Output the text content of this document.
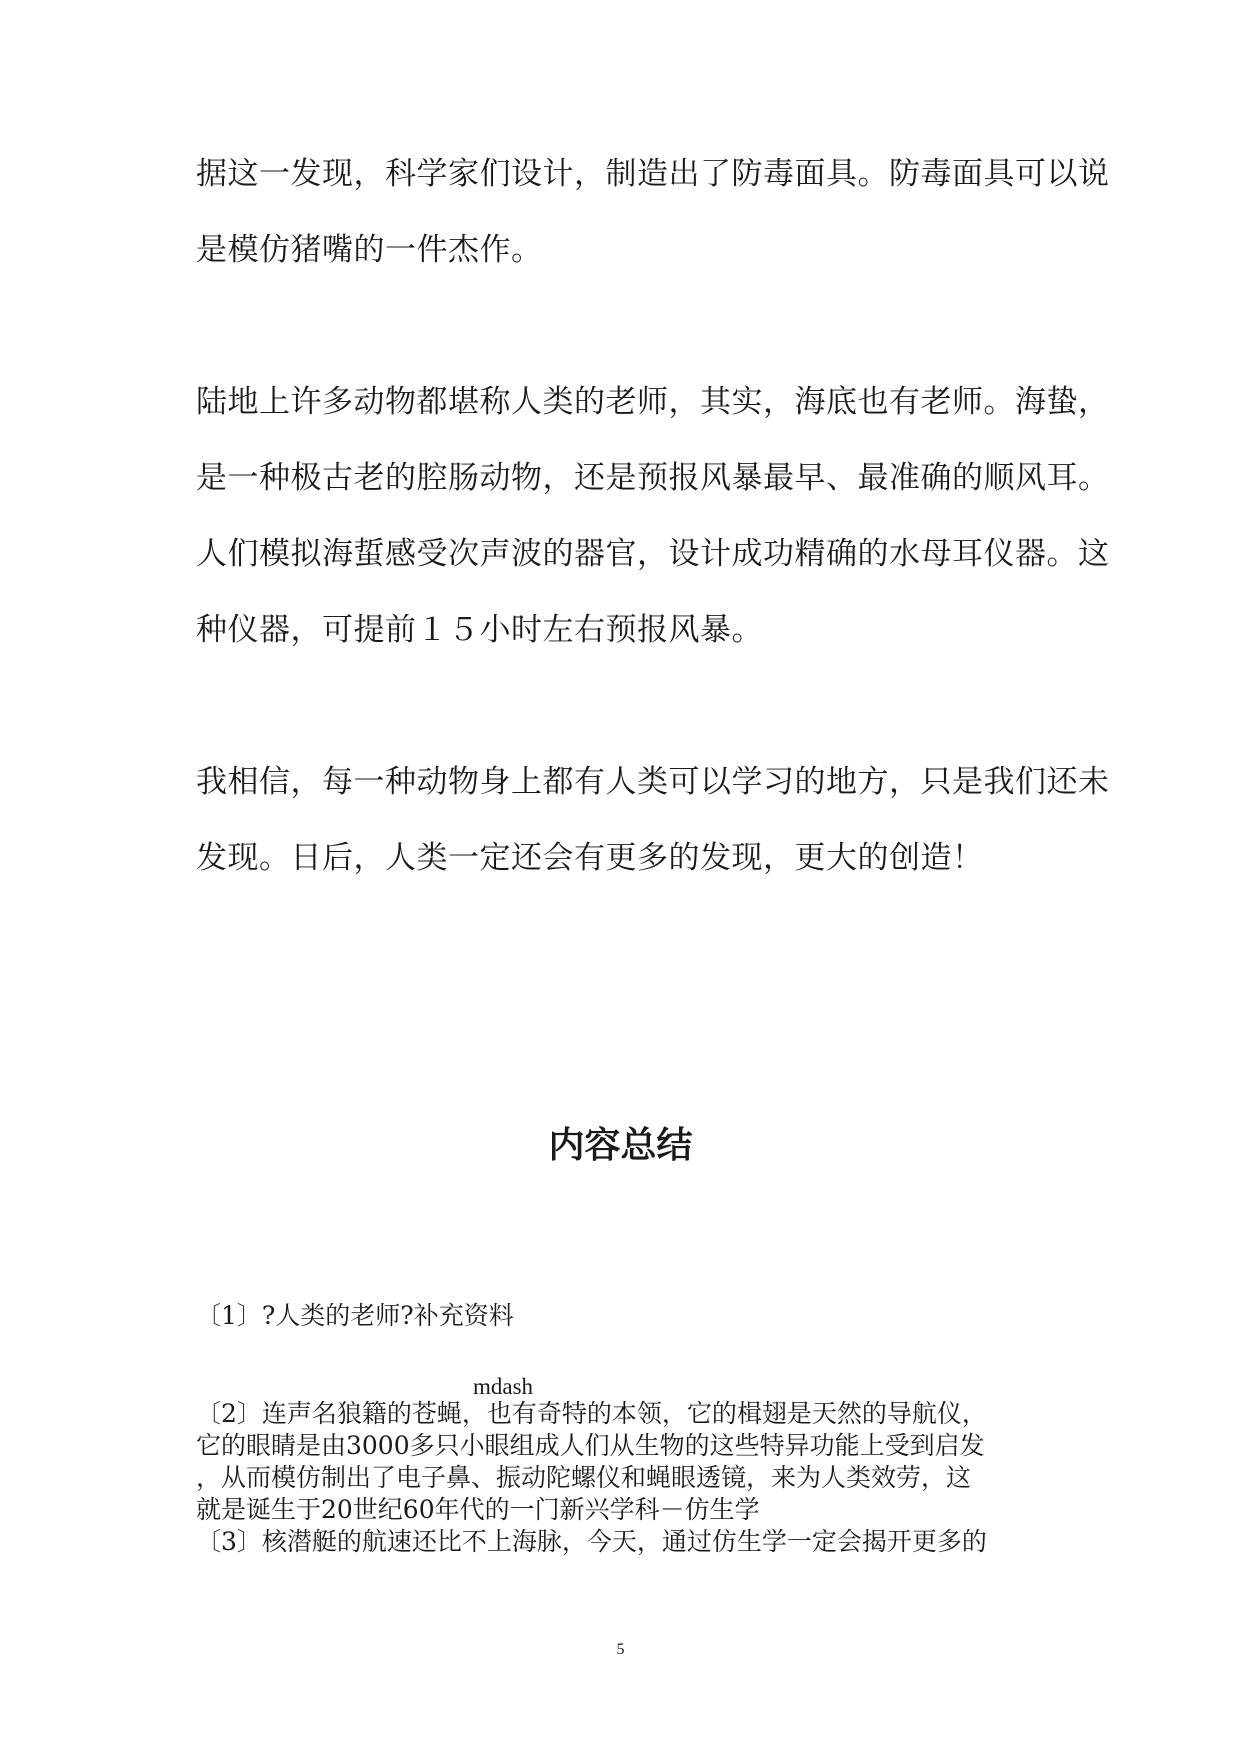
据这一发现，科学家们设计，制造出了防毒面具。防毒面具可以说
是模仿猪嘴的一件杰作。
陆地上许多动物都堪称人类的老师，其实，海底也有老师。海蛰，
是一种极古老的腔肠动物，还是预报风暴最早、最准确的顺风耳。
人们模拟海蜇感受次声波的器官，设计成功精确的水母耳仪器。这
种仪器，可提前１５小时左右预报风暴。
我相信，每一种动物身上都有人类可以学习的地方，只是我们还未
发现。日后，人类一定还会有更多的发现，更大的创造！
内容总结
〔1〕?人类的老师?补充资料
mdash
〔2〕连声名狼籍的苍蝇，也有奇特的本领，它的楫翅是天然的导航仪，
它的眼睛是由3000多只小眼组成人们从生物的这些特异功能上受到启发
，从而模仿制出了电子鼻、振动陀螺仪和蝇眼透镜，来为人类效劳，这
就是诞生于20世纪60年代的一门新兴学科－仿生学
〔3〕核潜艇的航速还比不上海脉，今天，通过仿生学一定会揭开更多的
5
